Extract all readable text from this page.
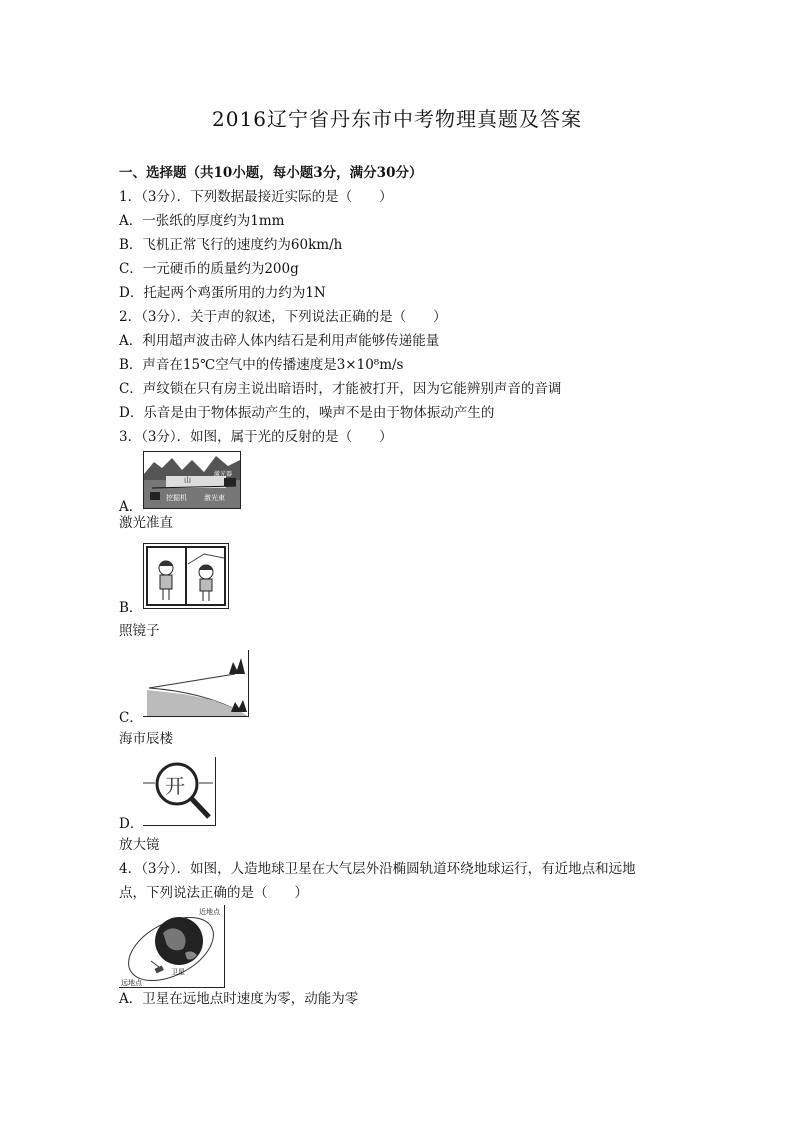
2016辽宁省丹东市中考物理真题及答案
一、选择题（共10小题，每小题3分，满分30分）
1．（3分）．下列数据最接近实际的是（　　）
A．一张纸的厚度约为1mm
B．飞机正常飞行的速度约为60km/h
C．一元硬币的质量约为200g
D．托起两个鸡蛋所用的力约为1N
2．（3分）．关于声的叙述，下列说法正确的是（　　）
A．利用超声波击碎人体内结石是利用声能够传递能量
B．声音在15℃空气中的传播速度是3×10⁸m/s
C．声纹锁在只有房主说出暗语时，才能被打开，因为它能辨别声音的音调
D．乐音是由于物体振动产生的，噪声不是由于物体振动产生的
3．（3分）．如图，属于光的反射的是（　　）
山
激光器
挖掘机 激光束
A．
激光准直
B．
照镜子
C．
海市辰楼
开
D．
放大镜
4．（3分）．如图，人造地球卫星在大气层外沿椭圆轨道环绕地球运行，有近地点和远地
点，下列说法正确的是（　　）
近地点
卫星
远地点
A．卫星在远地点时速度为零，动能为零
